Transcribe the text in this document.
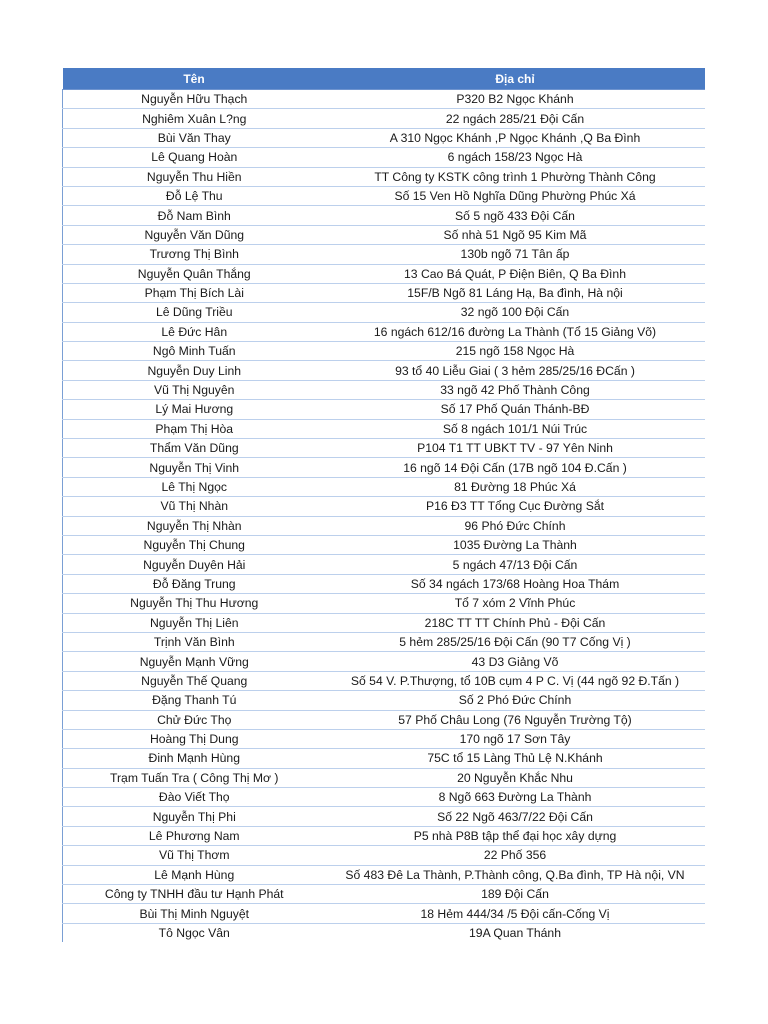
Tên	Địa chỉ
Nguyễn Hữu Thạch	P320 B2 Ngọc Khánh
Nghiêm Xuân L?ng	22 ngách 285/21 Đội Cấn
Bùi Văn Thay	A 310 Ngọc Khánh ,P Ngọc Khánh ,Q Ba Đình
Lê Quang Hoàn	6 ngách 158/23 Ngọc Hà
Nguyễn Thu Hiền	TT Công ty KSTK công trình 1 Phường Thành Công
Đỗ Lệ Thu	Số 15 Ven Hồ Nghĩa Dũng Phường Phúc Xá
Đỗ Nam Bình	Số 5 ngõ 433 Đội Cấn
Nguyễn Văn Dũng	Số nhà 51 Ngõ 95 Kim Mã
Trương Thị Bình	130b ngõ 71 Tân ấp
Nguyễn Quân Thắng	13 Cao Bá Quát, P Điện Biên, Q Ba Đình
Phạm Thị Bích Lài	15F/B Ngõ 81 Láng Hạ, Ba đình, Hà nội
Lê Dũng Triều	32 ngõ 100 Đội Cấn
Lê Đức Hân	16 ngách 612/16 đường La Thành (Tổ 15 Giảng Võ)
Ngô Minh Tuấn	215 ngõ 158 Ngọc Hà
Nguyễn Duy Linh	93 tổ 40 Liễu Giai ( 3 hẻm 285/25/16 ĐCấn )
Vũ Thị Nguyên	33 ngõ 42 Phố Thành Công
Lý Mai Hương	Số 17 Phố Quán Thánh-BĐ
Phạm Thị Hòa	Số 8 ngách 101/1 Núi Trúc
Thẩm Văn Dũng	P104 T1 TT UBKT TV - 97 Yên Ninh
Nguyễn Thị Vinh	16 ngõ 14 Đội Cấn (17B ngõ 104 Đ.Cấn )
Lê Thị Ngọc	81 Đường 18 Phúc Xá
Vũ Thị Nhàn	P16 Đ3 TT Tổng Cục Đường Sắt
Nguyễn Thị Nhàn	96 Phó Đức Chính
Nguyễn Thị Chung	1035 Đường La Thành
Nguyễn Duyên Hải	5 ngách 47/13 Đội Cấn
Đỗ Đăng Trung	Số 34 ngách 173/68 Hoàng Hoa Thám
Nguyễn Thị Thu Hương	Tổ 7 xóm 2 Vĩnh Phúc
Nguyễn Thị Liên	218C TT TT Chính Phủ - Đội Cấn
Trịnh Văn Bình	5 hẻm 285/25/16 Đội Cấn (90 T7 Cống Vị )
Nguyễn Mạnh Vững	43 D3 Giảng Võ
Nguyễn Thế Quang	Số 54 V. P.Thượng, tổ 10B cụm 4 P C. Vị (44 ngõ 92 Đ.Tấn )
Đặng Thanh Tú	Số 2 Phó Đức Chính
Chử Đức Thọ	57 Phố Châu Long (76 Nguyễn Trường Tộ)
Hoàng Thị Dung	170 ngõ 17 Sơn Tây
Đinh Mạnh Hùng	75C tổ 15 Làng Thủ Lệ N.Khánh
Trạm Tuấn Tra ( Công Thị Mơ )	20 Nguyễn Khắc Nhu
Đào Viết Thọ	8 Ngõ 663 Đường La Thành
Nguyễn Thị Phi	Số 22 Ngõ 463/7/22 Đội Cấn
Lê Phương Nam	P5 nhà P8B tập thể đại học xây dựng
Vũ Thị Thơm	22 Phố 356
Lê Mạnh Hùng	Số 483 Đê La Thành, P.Thành công, Q.Ba đình, TP Hà nội, VN
Công ty TNHH đầu tư Hạnh Phát	189 Đội Cấn
Bùi Thị Minh Nguyệt	18 Hẻm 444/34 /5 Đội cấn-Cống Vị
Tô Ngọc Vân	19A Quan Thánh
